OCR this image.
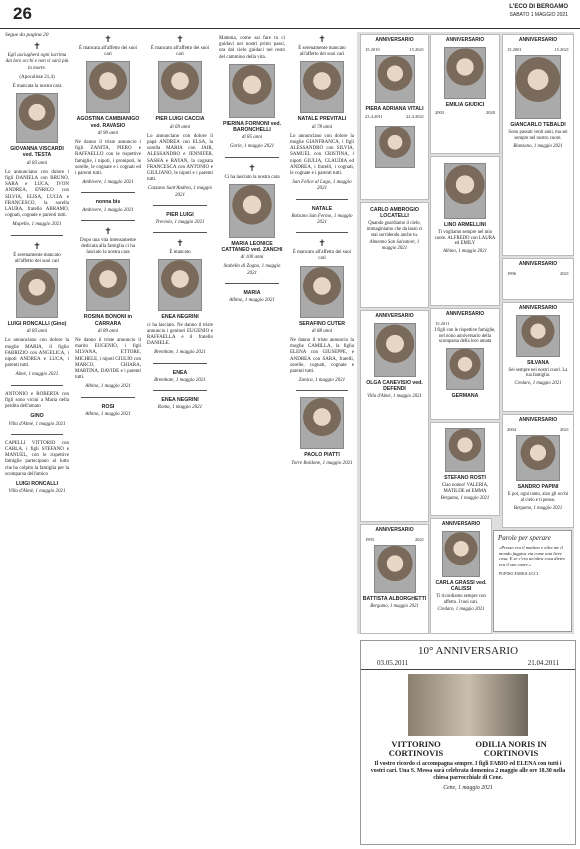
26	L'ECO DI BERGAMO
SABATO 1 MAGGIO 2021
Segue da pagina 20
✝

Egli asciugherà ogni lacrima dai loro occhi e non vi sarà più la morte.

(Apocalisse 21,4)

È mancata la nostra cara

GIOVANNA VISCARDI ved. TESTA

di 83 anni

Lo annunciano con dolore i figli DANIELA con BRUNO, SARA e LUCA, IVON ANDREA, ENRICO con SILVIA, ELISA, LUCIA e FRANCESCO, la sorella LAURA, fratello ABRAMO, cognati, cognate e parenti tutti.

Mapello, 1 maggio 2021

✝

È serenamente mancato all'affetto dei suoi cari

LUIGI RONCALLI (Gino)

di 83 anni

Lo annunciano con dolore la moglie MARIA, il figlio FABRIZIO con ANGELICA, i nipoti ANDREA e LUCA, i parenti tutti.

Almè, 1 maggio 2021

ANTONIO e ROBERTA con figli sono vicini a Maria nella perdita dell'amato

GINO

Villa d'Almè, 1 maggio 2021

CAPELLI VITTORIO con CARLA, i figli STEFANO e MANUEL, con le rispettive famiglie partecipano al lutto che ha colpito la famiglia per la scomparsa dell'amico

LUIGI RONCALLI

Villa d'Almè, 1 maggio 2021

✝

È mancata all'affetto dei suoi cari

AGOSTINA CAMBIANIGO ved. RAVASIO

di 90 anni

Ne danno il triste annuncio i figli ZANITA, PIERO e RAFFAELLO con le rispettive famiglie, i nipoti, i pronipoti, le sorelle, le cognate e i cognati ed i parenti tutti.

Ambivere, 1 maggio 2021

nonna bis

Ambivere, 1 maggio 2021

✝

Dopo una vita intensamente dedicata alla famiglia ci ha lasciato la nostra cara

ROSINA BONONI in CARRARA

di 89 anni

Ne danno il triste annuncio il marito EUGENIO, i figli SILVANA, ETTORE, MICHELE, i nipoti GIULIO con MARCO, CHIARA, MARTINA, DAVIDE e i parenti tutti.

Albino, 1 maggio 2021

ROSI

Albino, 1 maggio 2021

✝

È mancato all'affetto dei suoi cari

PIER LUIGI CACCIA

di 69 anni

Lo annunciano con dolore il papà ANDREA con ELSA, la sorella MARIA con JAIR, ALESSANDRO e JENNIFER, SASHA e RAYAN, la cognata FRANCESCA con ANTONIO e GIULIANO, le nipoti e i parenti tutti.

Cazzano Sant'Andrea, 1 maggio 2021

PIER LUIGI

Treviolo, 1 maggio 2021

✝

È mancato

ENEA NEGRINI

ci ha lasciato. Ne danno il triste annuncio i genitori EUGENIO e RAFFAELLA e il fratello DANIELE.

Brembate, 1 maggio 2021

ENEA

Brembate, 1 maggio 2021

ENEA NEGRINI

Roma, 1 maggio 2021

Mamma, come sai fare tu ci guidavi nei nostri primi passi, ora dal cielo guidaci nel resto del cammino della vita.

PIERINA FORNONI ved. BARONCHELLI

di 85 anni

Gorle, 1 maggio 2021

✝

Ci ha lasciato la nostra cara

MARIA LEONICE CATTANEO ved. ZANCHI

di 100 anni

Stabello di Zogno, 1 maggio 2021

MARIA

Albino, 1 maggio 2021

✝

È serenamente mancato all'affetto dei suoi cari

NATALE PREVITALI

di 78 anni

Lo annunciano con dolore la moglie GIANFRANCA, i figli ALESSANDRO con SILVIA, SAMUEL con CRISTINA, i nipoti GIULIA, CLAUDIA ed ANDREA, i fratelli, i cognati, le cognate e i parenti tutti.

San Felice al Lago, 1 maggio 2021

NATALE

Bolzano San Fermo, 1 maggio 2021

✝

È mancato all'affetto dei suoi cari

SERAFINO CUTER

di 88 anni

Ne danno il triste annuncio la moglie CAMILLA, la figlia ELENA con GIUSEPPE, e ANDREA con SARA, fratelli, sorelle, cognati, cognate e parenti tutti.

Zanica, 1 maggio 2021

PAOLO PIATTI

Torre Boldone, 1 maggio 2021

ANNIVERSARIO
15.2019	15.2021
PIERA ADRIANA VITALI
23.4.2011	22.4.2021
ANNIVERSARIO
EMILIA GIUDICI
2003	2020
ANNIVERSARIO
15.2001	15.2021
GIANCARLO TEBALDI

Sono passati venti anni, ma sei sempre nel nostro cuore.

Bianzano, 1 maggio 2021

CARLO AMBROGIO LOCATELLI

Quando guardiamo il cielo, immaginiamo che da lassù ci stai sorridendo anche tu.

Almenno San Salvatore, 1 maggio 2021

LINO ARMELLINI

Ti vogliamo sempre nel mio cuore. ALFREDO con LAURA ed EMILY

Albino, 1 maggio 2021

ANNIVERSARIO
1996	2021
ANNIVERSARIO
15.2011

I figli con le rispettive famiglie, nel nono anniversario della scomparsa della loro amata

GERMANA
ANNIVERSARIO
OLGA CANEVISIO ved. DEFENDI

Villa d'Almè, 1 maggio 2021

STEFANO ROSTI

Ciao nonno! VALERIA, MATILDE ed EMMA

Bergamo, 1 maggio 2021

ANNIVERSARIO
SILVANA

Sei sempre nei nostri cuori. La tua famiglia.

Credaro, 1 maggio 2021

ANNIVERSARIO
2004	2021
SANDRO PAPINI

E poi, ogni tanto, alzo gli occhi al cielo e ti penso.

Bergamo, 1 maggio 2021

ANNIVERSARIO
1993	2021
BATTISTA ALBORGHETTI

Bergamo, 1 maggio 2021

ANNIVERSARIO
CARLA GRASSI ved. CALISSI

Ti ricordiamo sempre con affetto. I tuoi cari.

Credaro, 1 maggio 2021

Parole per sperare
«Presso era il mattino e oltre me il mondo fuggiva via come una lieve cosa. E se c'era un'altra cosa dietro era il suo cuore.»
PUPINO FABIOLUCCI
10° ANNIVERSARIO
03.05.2011	21.04.2011
VITTORINO CORTINOVIS
ODILIA NORIS IN CORTINOVIS
Il vostro ricordo ci accompagna sempre. I figli FABIO ed ELENA con tutti i vostri cari. Una S. Messa sarà celebrata domenica 2 maggio alle ore 18.30 nella chiesa parrocchiale di Cene.
Cene, 1 maggio 2021
